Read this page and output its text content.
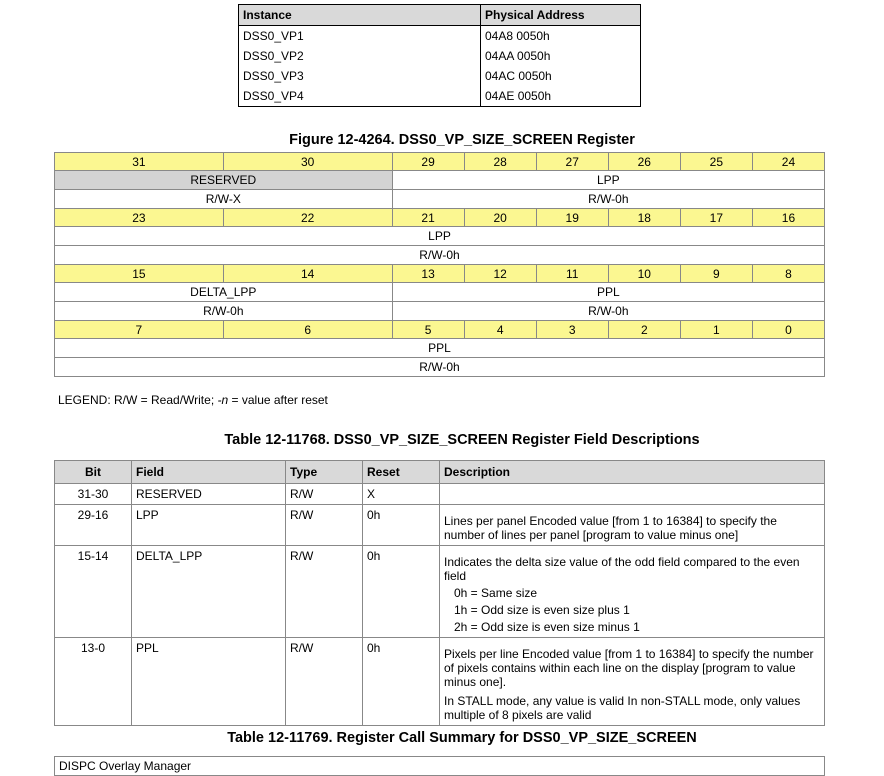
Instance	Physical Address
DSS0_VP1	04A8 0050h
DSS0_VP2	04AA 0050h
DSS0_VP3	04AC 0050h
DSS0_VP4	04AE 0050h
Figure 12-4264. DSS0_VP_SIZE_SCREEN Register
31	30	29	28	27	26	25	24
RESERVED		LPP					
R/W-X		R/W-0h					
23	22	21	20	19	18	17	16
LPP							
R/W-0h							
15	14	13	12	11	10	9	8
DELTA_LPP		PPL					
R/W-0h		R/W-0h					
7	6	5	4	3	2	1	0
PPL							
R/W-0h							
LEGEND: R/W = Read/Write; -n = value after reset
Table 12-11768. DSS0_VP_SIZE_SCREEN Register Field Descriptions
Bit	Field	Type	Reset	Description
31-30	RESERVED	R/W	X	
29-16	LPP	R/W	0h	Lines per panel Encoded value [from 1 to 16384] to specify the number of lines per panel [program to value minus one]

15-14	DELTA_LPP	R/W	0h	Indicates the delta size value of the odd field compared to the even field

0h = Same size

1h = Odd size is even size plus 1

2h = Odd size is even size minus 1

13-0	PPL	R/W	0h	Pixels per line Encoded value [from 1 to 16384] to specify the number of pixels contains within each line on the display [program to value minus one].

In STALL mode, any value is valid In non-STALL mode, only values multiple of 8 pixels are valid

Table 12-11769. Register Call Summary for DSS0_VP_SIZE_SCREEN
DISPC Overlay Manager
